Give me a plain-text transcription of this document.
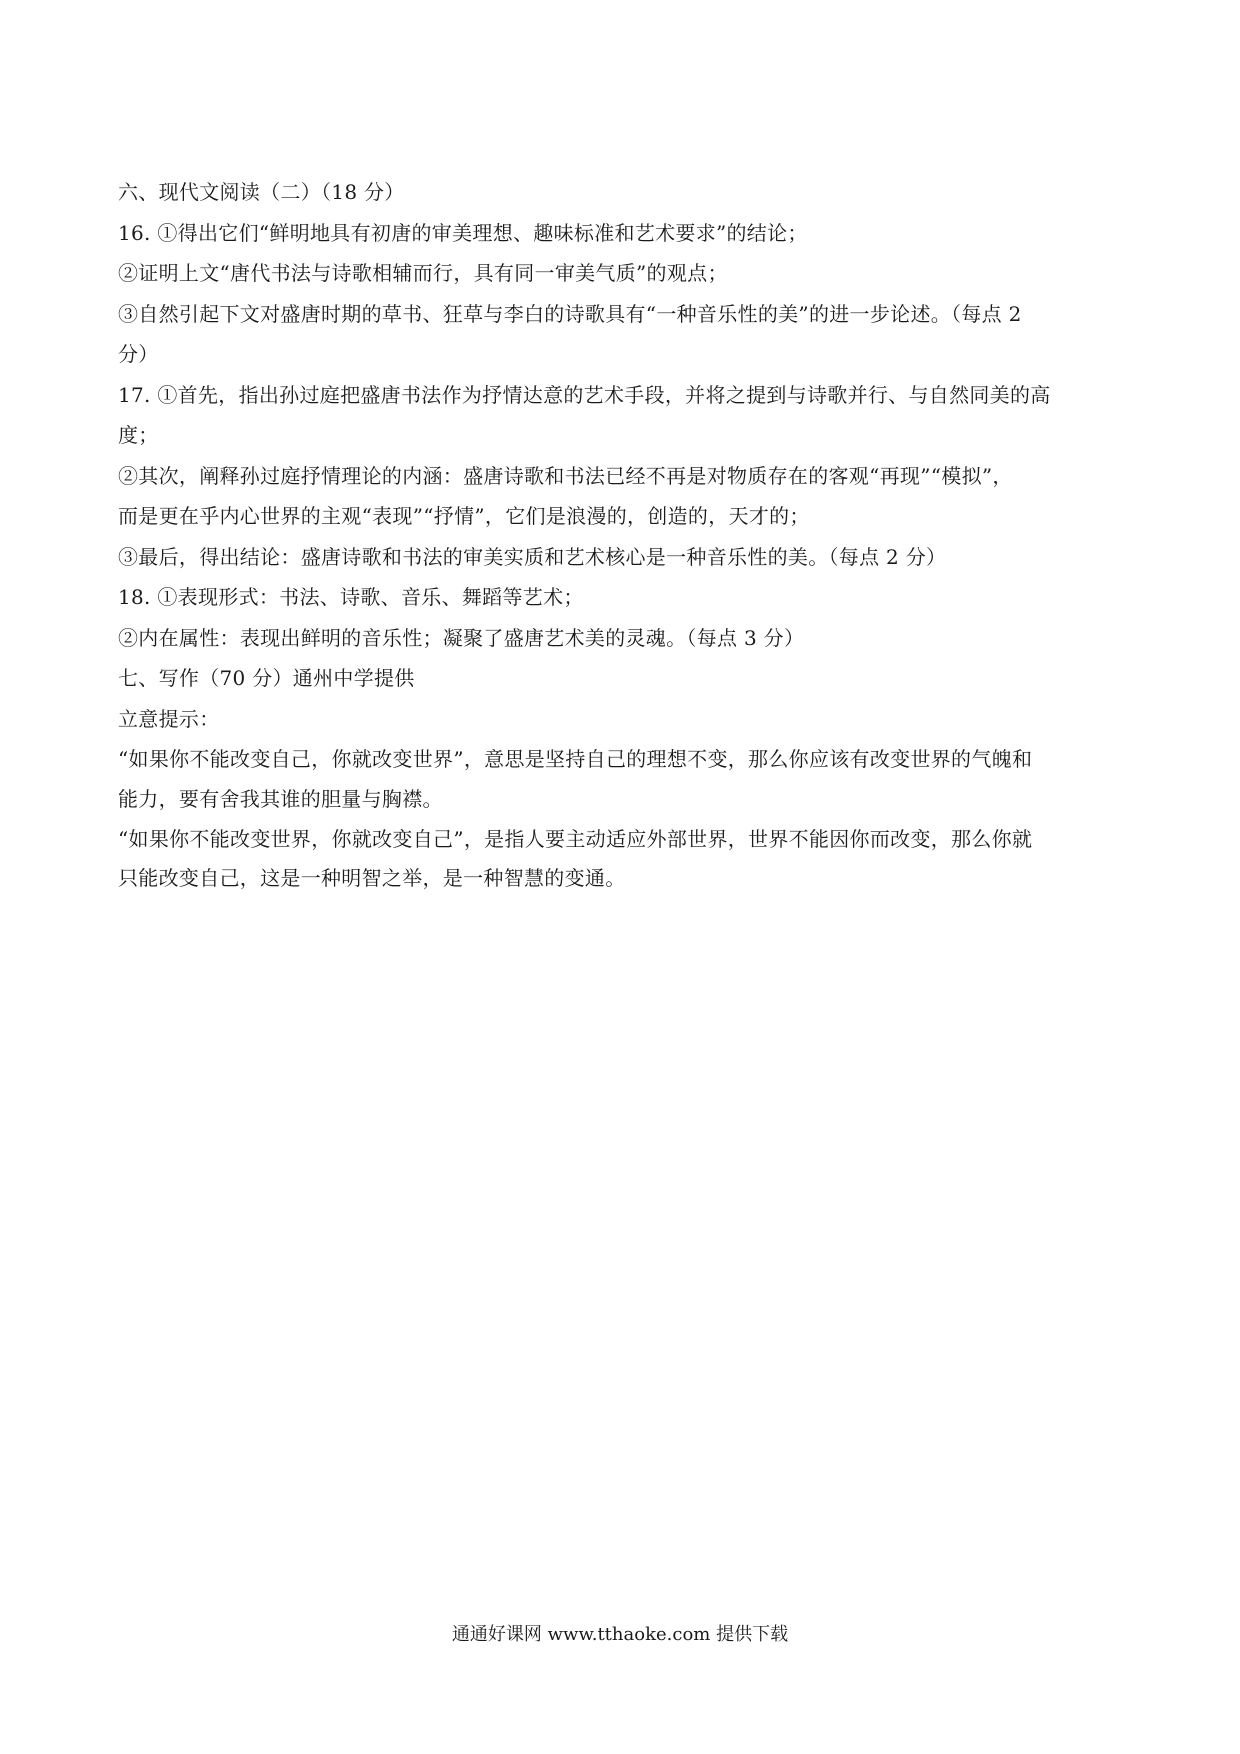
六、现代文阅读（二）（18 分）
16. ①得出它们“鲜明地具有初唐的审美理想、趣味标准和艺术要求”的结论；
②证明上文“唐代书法与诗歌相辅而行，具有同一审美气质”的观点；
③自然引起下文对盛唐时期的草书、狂草与李白的诗歌具有“一种音乐性的美”的进一步论述。（每点 2
分）
17. ①首先，指出孙过庭把盛唐书法作为抒情达意的艺术手段，并将之提到与诗歌并行、与自然同美的高
度；
②其次，阐释孙过庭抒情理论的内涵：盛唐诗歌和书法已经不再是对物质存在的客观“再现”“模拟”，
而是更在乎内心世界的主观“表现”“抒情”，它们是浪漫的，创造的，天才的；
③最后，得出结论：盛唐诗歌和书法的审美实质和艺术核心是一种音乐性的美。（每点 2 分）
18. ①表现形式：书法、诗歌、音乐、舞蹈等艺术；
②内在属性：表现出鲜明的音乐性；凝聚了盛唐艺术美的灵魂。（每点 3 分）
七、写作（70 分）通州中学提供
立意提示：
“如果你不能改变自己，你就改变世界”，意思是坚持自己的理想不变，那么你应该有改变世界的气魄和
能力，要有舍我其谁的胆量与胸襟。
“如果你不能改变世界，你就改变自己”，是指人要主动适应外部世界，世界不能因你而改变，那么你就
只能改变自己，这是一种明智之举，是一种智慧的变通。
通通好课网 www.tthaoke.com 提供下载
